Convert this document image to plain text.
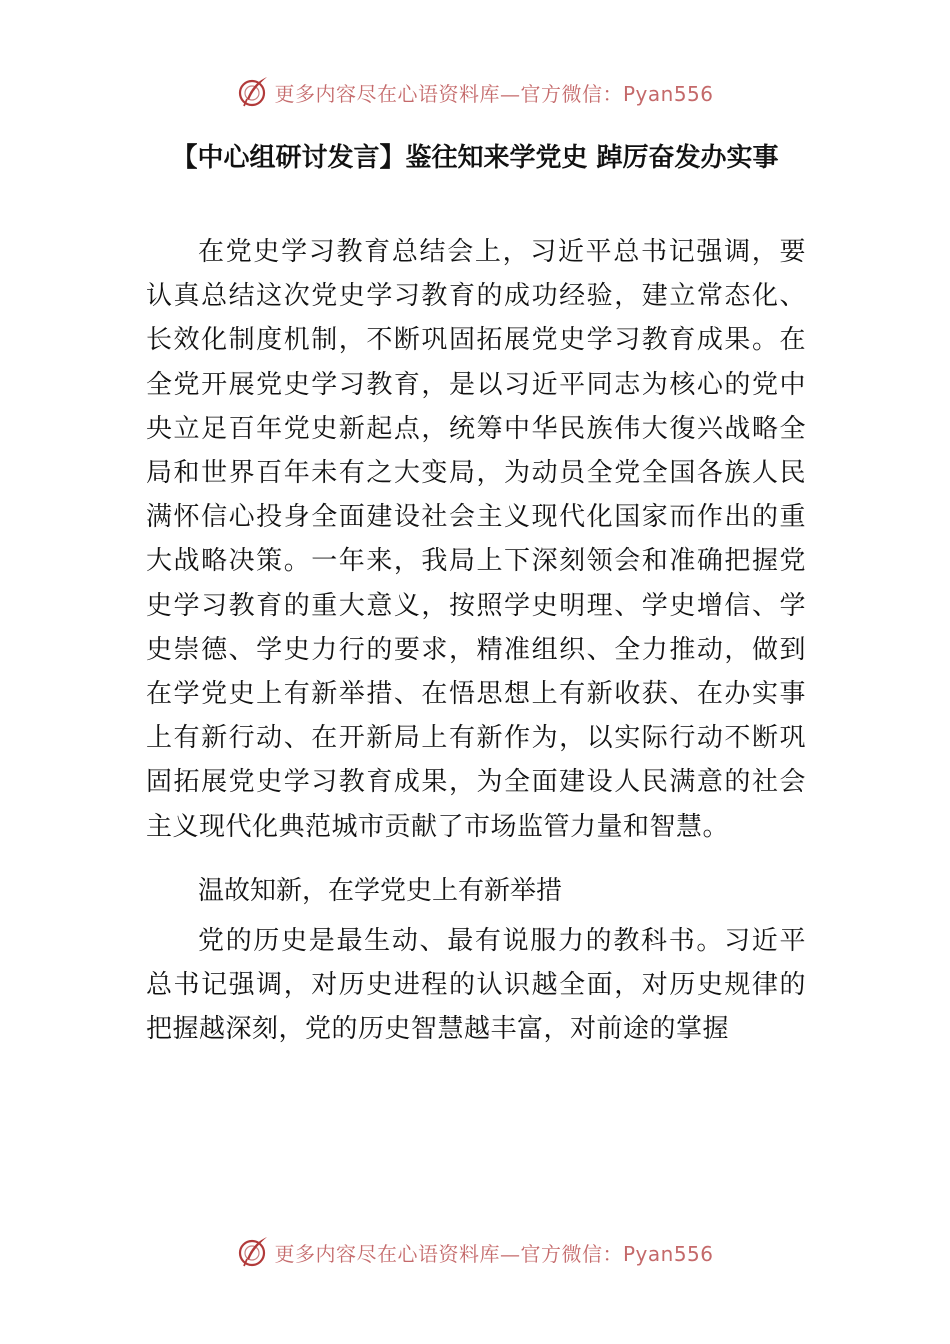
更多内容尽在心语资料库—官方微信：Pyan556
【中心组研讨发言】鉴往知来学党史 踔厉奋发办实事

在党史学习教育总结会上，习近平总书记强调，要认真总结这次党史学习教育的成功经验，建立常态化、长效化制度机制，不断巩固拓展党史学习教育成果。在全党开展党史学习教育，是以习近平同志为核心的党中央立足百年党史新起点，统筹中华民族伟大復兴战略全局和世界百年未有之大变局，为动员全党全国各族人民满怀信心投身全面建设社会主义现代化国家而作出的重大战略决策。一年来，我局上下深刻领会和准确把握党史学习教育的重大意义，按照学史明理、学史增信、学史崇德、学史力行的要求，精准组织、全力推动，做到在学党史上有新举措、在悟思想上有新收获、在办实事上有新行动、在开新局上有新作为，以实际行动不断巩固拓展党史学习教育成果，为全面建设人民满意的社会主义现代化典范城市贡献了市场监管力量和智慧。

温故知新，在学党史上有新举措

党的历史是最生动、最有说服力的教科书。习近平总书记强调，对历史进程的认识越全面，对历史规律的把握越深刻，党的历史智慧越丰富，对前途的掌握

更多内容尽在心语资料库—官方微信：Pyan556
